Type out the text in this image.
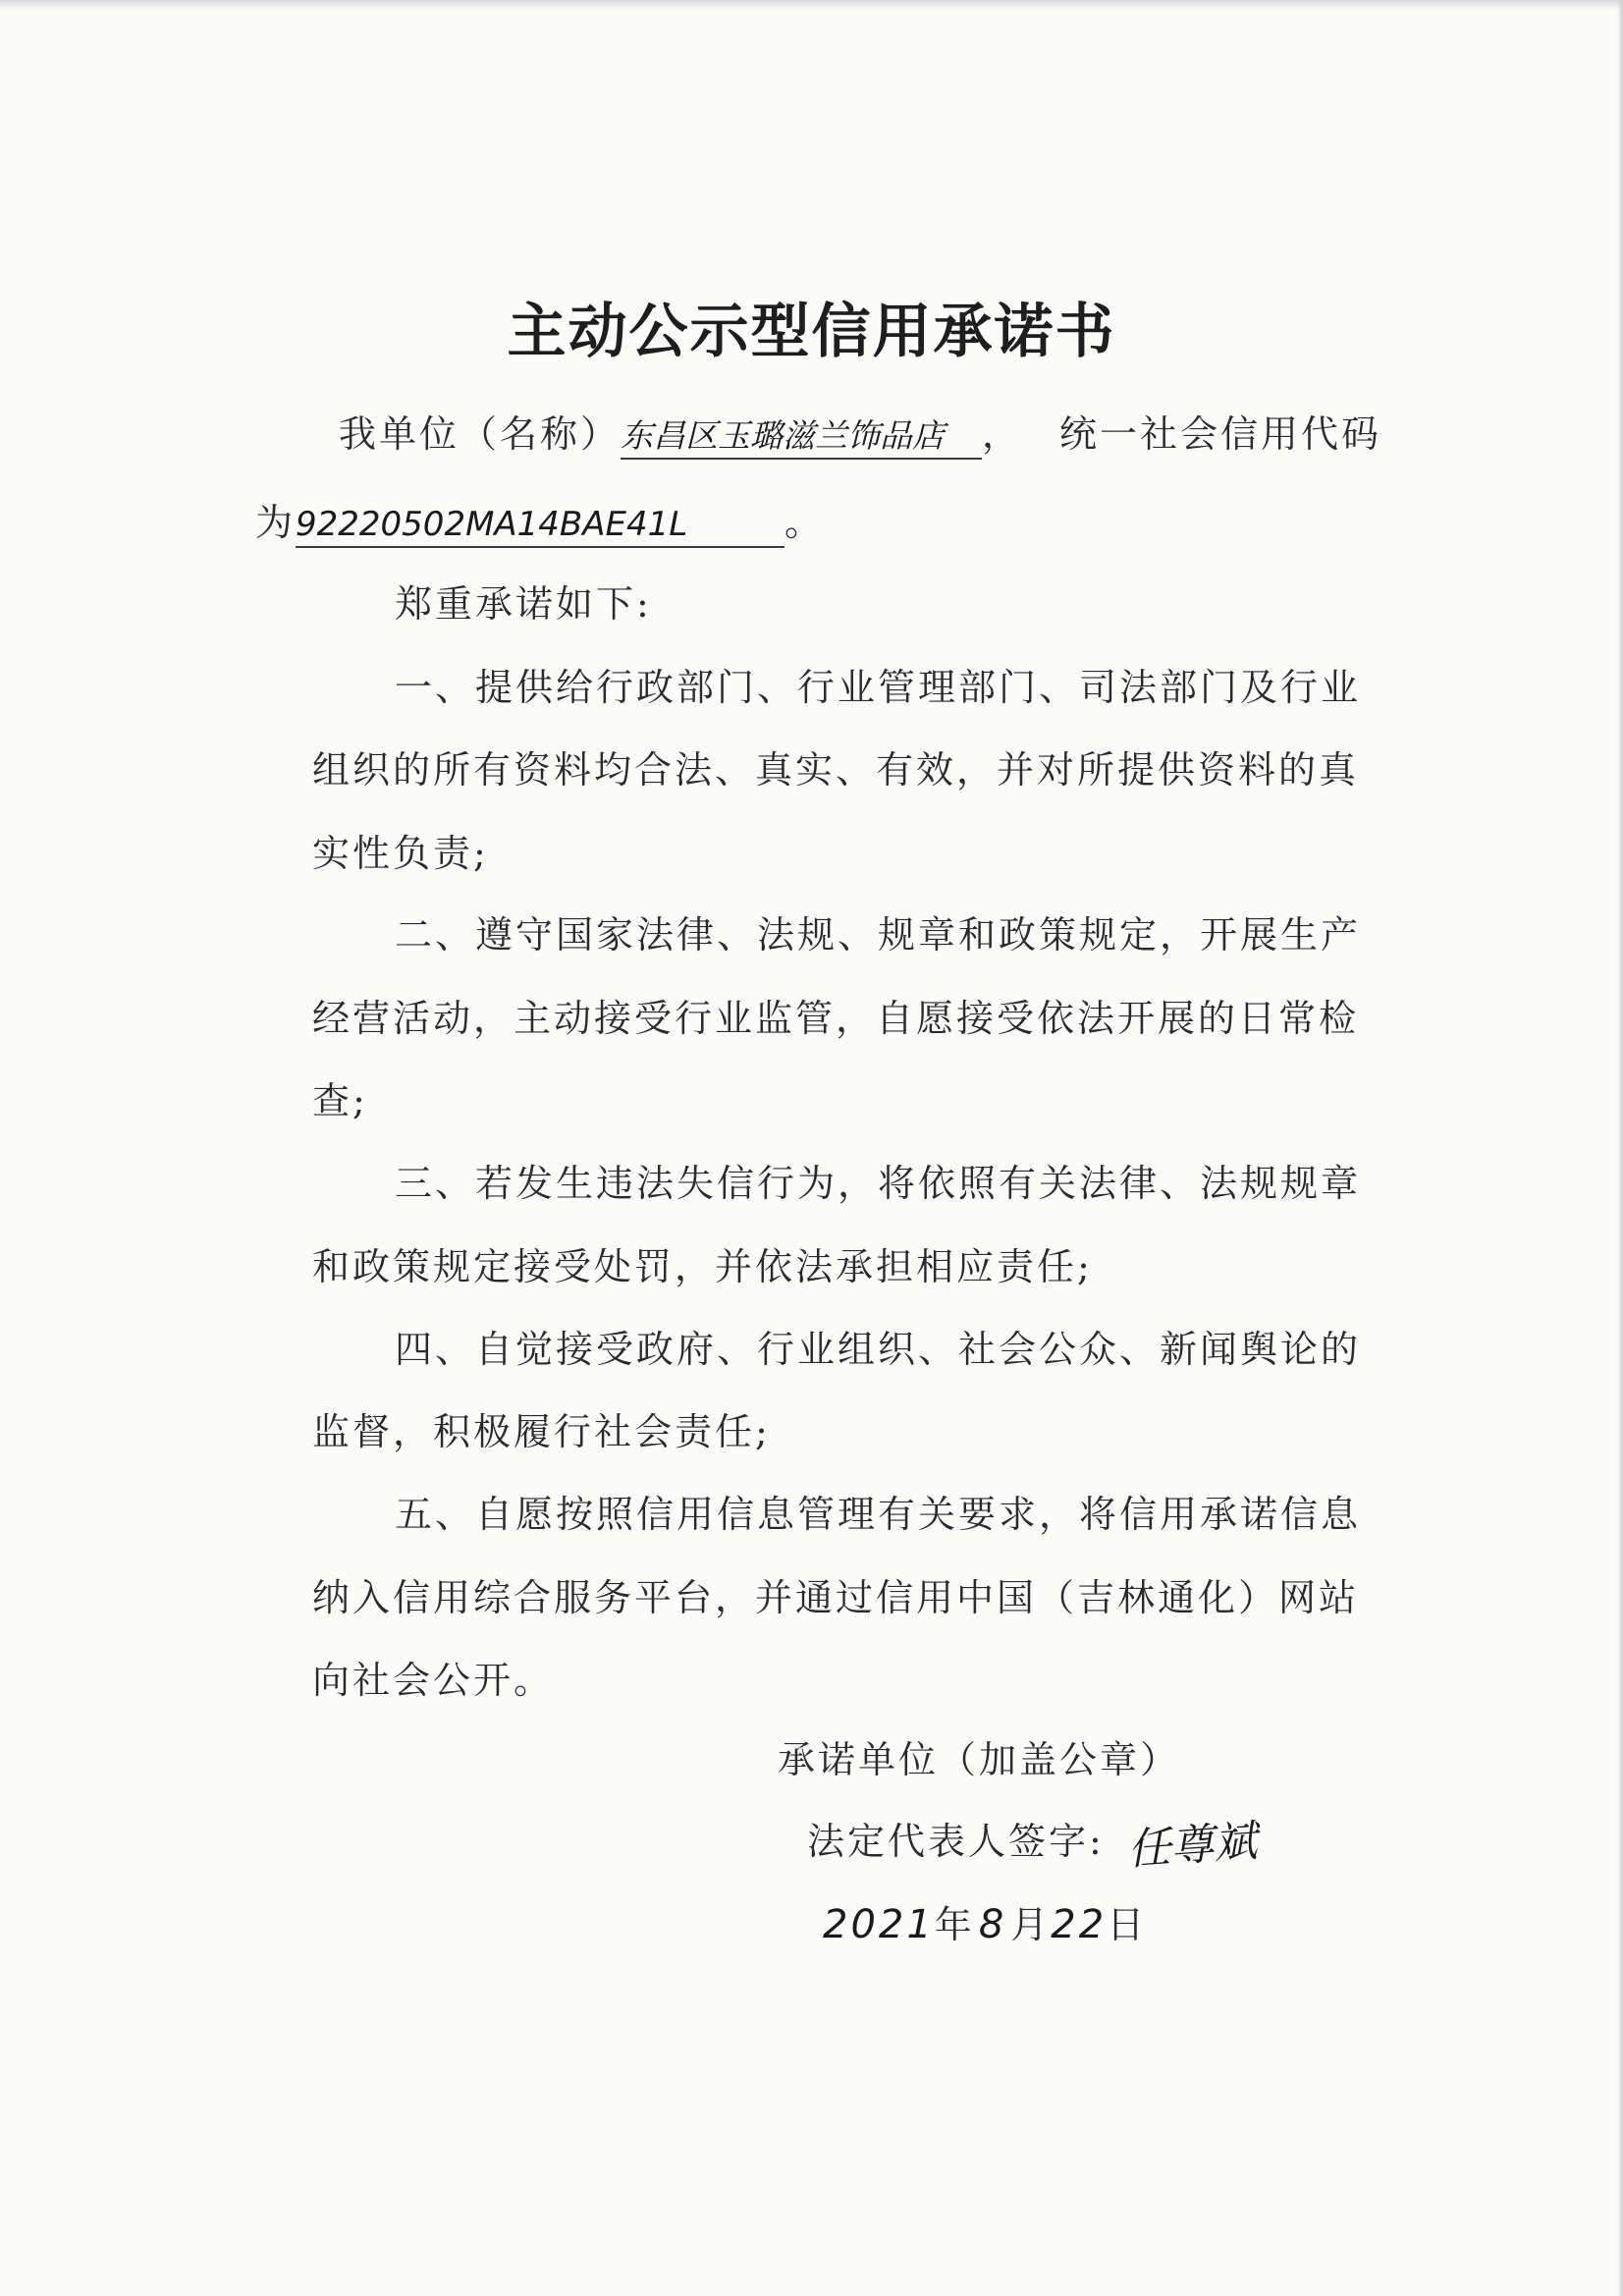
主动公示型信用承诺书
我单位（名称）东昌区玉璐滋兰饰品店 ， 统一社会信用代码
为92220502MA14BAE41L	。
郑重承诺如下:
一、提供给行政部门、行业管理部门、司法部门及行业
组织的所有资料均合法、真实、有效，并对所提供资料的真
实性负责;
二、遵守国家法律、法规、规章和政策规定，开展生产
经营活动，主动接受行业监管，自愿接受依法开展的日常检
查;
三、若发生违法失信行为，将依照有关法律、法规规章
和政策规定接受处罚，并依法承担相应责任;
四、自觉接受政府、行业组织、社会公众、新闻舆论的
监督，积极履行社会责任;
五、自愿按照信用信息管理有关要求，将信用承诺信息
纳入信用综合服务平台，并通过信用中国（吉林通化）网站
向社会公开。
承诺单位（加盖公章）
法定代表人签字: 任尊斌
2021年 8 月22日
